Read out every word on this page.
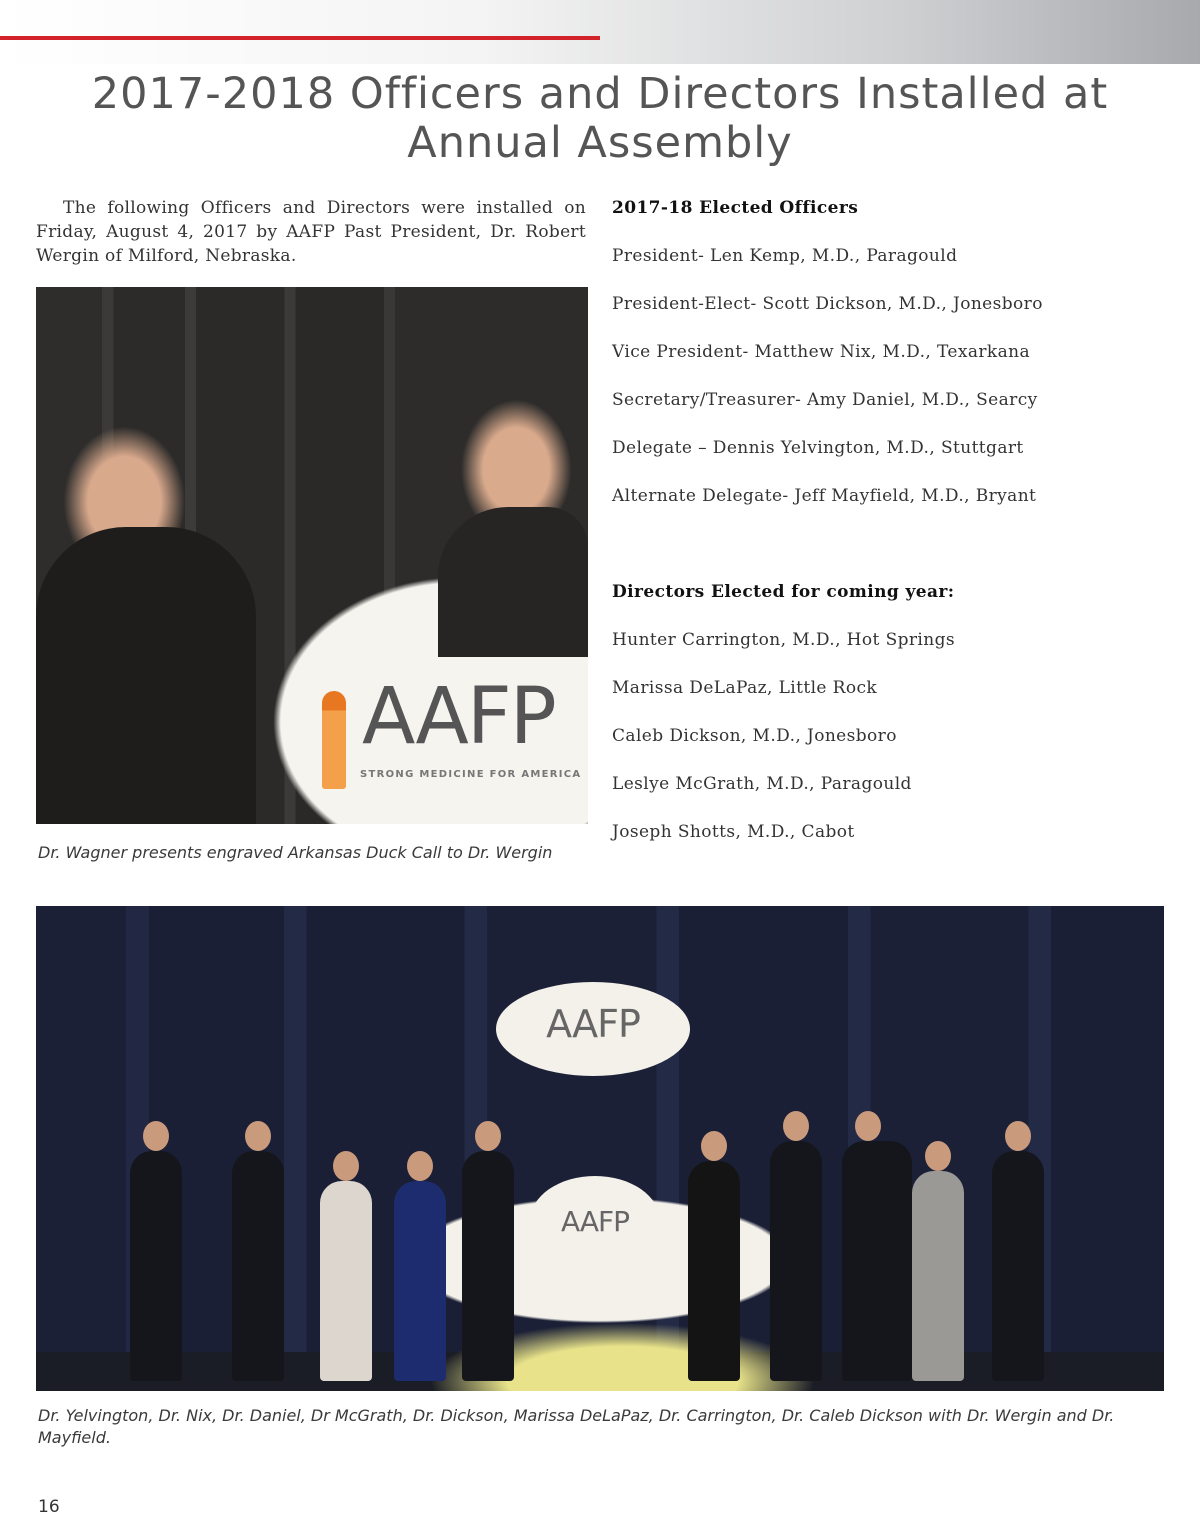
2017-2018 Officers and Directors Installed at
Annual Assembly

The following Officers and Directors were installed on Friday, August 4, 2017 by AAFP Past President, Dr. Robert Wergin of Milford, Nebraska.

AAFP
STRONG MEDICINE FOR AMERICA

Dr. Wagner presents engraved Arkansas Duck Call to Dr. Wergin

2017-18 Elected Officers
President- Len Kemp, M.D., Paragould
President-Elect- Scott Dickson, M.D., Jonesboro
Vice President- Matthew Nix, M.D., Texarkana
Secretary/Treasurer- Amy Daniel, M.D., Searcy
Delegate – Dennis Yelvington, M.D., Stuttgart
Alternate Delegate- Jeff Mayfield, M.D., Bryant
Directors Elected for coming year:
Hunter Carrington, M.D., Hot Springs
Marissa DeLaPaz, Little Rock
Caleb Dickson, M.D., Jonesboro
Leslye McGrath, M.D., Paragould
Joseph Shotts, M.D., Cabot
AAFP
AAFP

Dr. Yelvington, Dr. Nix, Dr. Daniel, Dr McGrath, Dr. Dickson, Marissa DeLaPaz, Dr. Carrington, Dr. Caleb Dickson with Dr. Wergin and Dr. Mayfield.

16
